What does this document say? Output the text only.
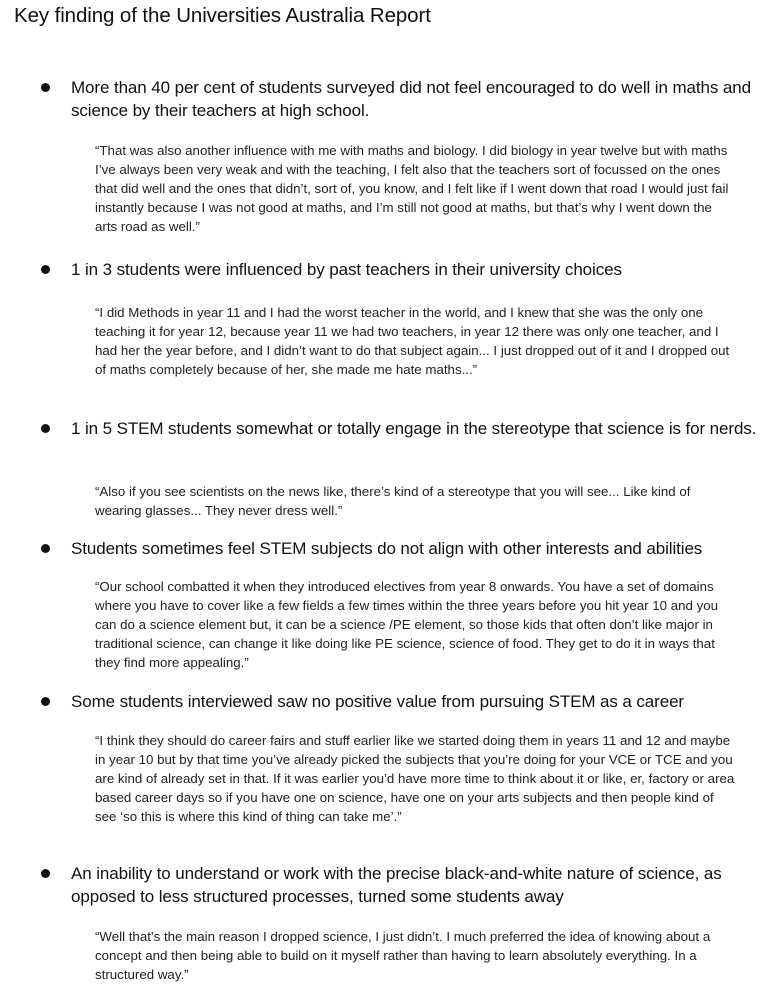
Key finding of the Universities Australia Report
More than 40 per cent of students surveyed did not feel encouraged to do well in maths and science by their teachers at high school.
“That was also another influence with me with maths and biology. I did biology in year twelve but with maths I’ve always been very weak and with the teaching, I felt also that the teachers sort of focussed on the ones that did well and the ones that didn’t, sort of, you know, and I felt like if I went down that road I would just fail instantly because I was not good at maths, and I’m still not good at maths, but that’s why I went down the arts road as well.”
1 in 3 students were influenced by past teachers in their university choices
“I did Methods in year 11 and I had the worst teacher in the world, and I knew that she was the only one teaching it for year 12, because year 11 we had two teachers, in year 12 there was only one teacher, and I had her the year before, and I didn’t want to do that subject again... I just dropped out of it and I dropped out of maths completely because of her, she made me hate maths...”
1 in 5 STEM students somewhat or totally engage in the stereotype that science is for nerds.
“Also if you see scientists on the news like, there’s kind of a stereotype that you will see... Like kind of wearing glasses... They never dress well.”
Students sometimes feel STEM subjects do not align with other interests and abilities
“Our school combatted it when they introduced electives from year 8 onwards. You have a set of domains where you have to cover like a few fields a few times within the three years before you hit year 10 and you can do a science element but, it can be a science /PE element, so those kids that often don’t like major in traditional science, can change it like doing like PE science, science of food. They get to do it in ways that they find more appealing.”
Some students interviewed saw no positive value from pursuing STEM as a career
“I think they should do career fairs and stuff earlier like we started doing them in years 11 and 12 and maybe in year 10 but by that time you’ve already picked the subjects that you’re doing for your VCE or TCE and you are kind of already set in that. If it was earlier you’d have more time to think about it or like, er, factory or area based career days so if you have one on science, have one on your arts subjects and then people kind of see ‘so this is where this kind of thing can take me’.”
An inability to understand or work with the precise black-and-white nature of science, as opposed to less structured processes, turned some students away
“Well that’s the main reason I dropped science, I just didn’t. I much preferred the idea of knowing about a concept and then being able to build on it myself rather than having to learn absolutely everything. In a structured way.”
